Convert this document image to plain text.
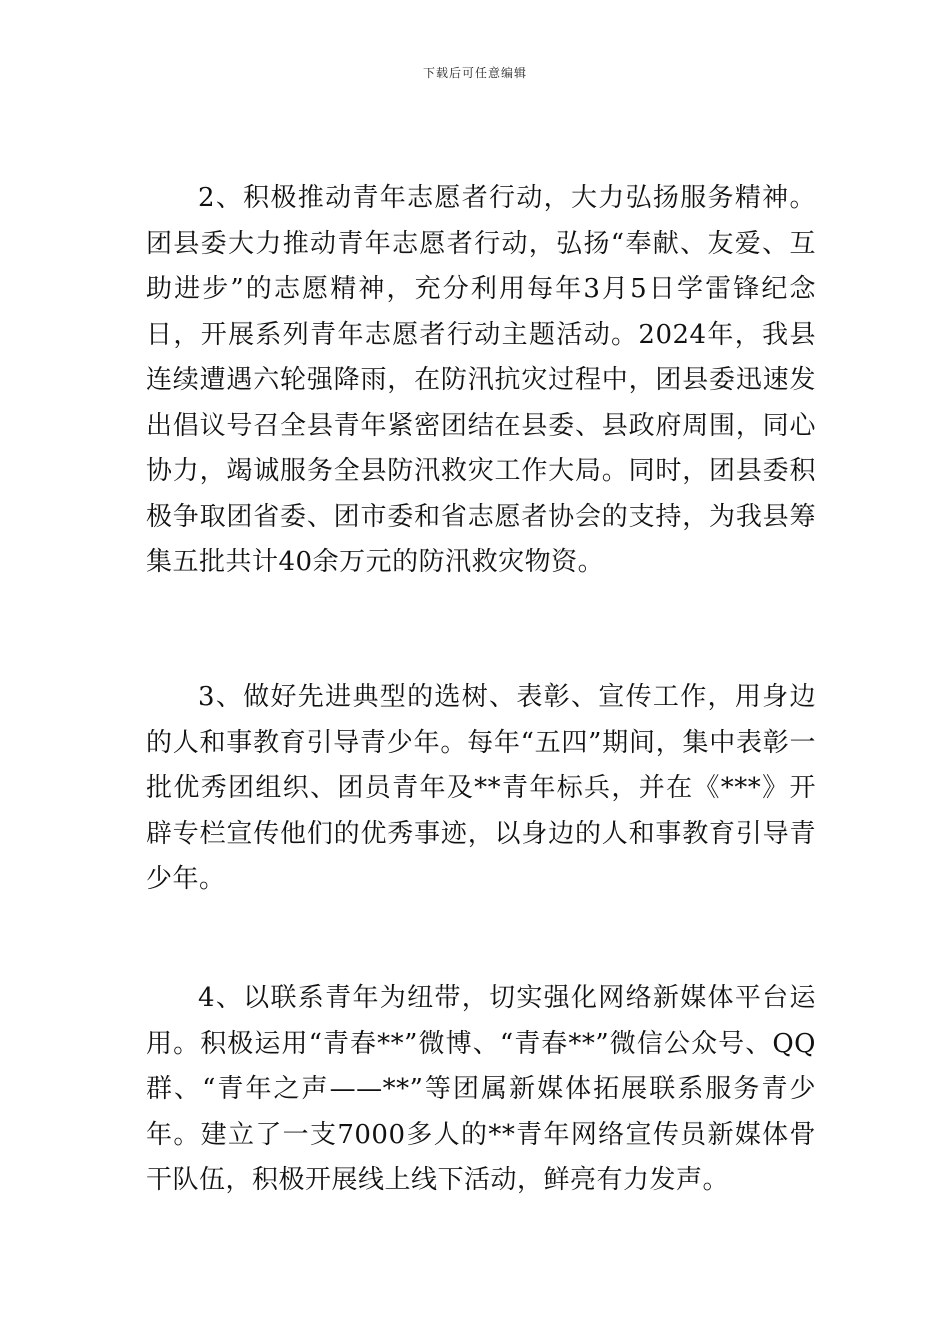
下载后可任意编辑

2、积极推动青年志愿者行动，大力弘扬服务精神。团县委大力推动青年志愿者行动，弘扬“奉献、友爱、互助进步”的志愿精神，充分利用每年3月5日学雷锋纪念日，开展系列青年志愿者行动主题活动。2024年，我县连续遭遇六轮强降雨，在防汛抗灾过程中，团县委迅速发出倡议号召全县青年紧密团结在县委、县政府周围，同心协力，竭诚服务全县防汛救灾工作大局。同时，团县委积极争取团省委、团市委和省志愿者协会的支持，为我县筹集五批共计40余万元的防汛救灾物资。

3、做好先进典型的选树、表彰、宣传工作，用身边的人和事教育引导青少年。每年“五四”期间，集中表彰一批优秀团组织、团员青年及**青年标兵，并在《***》开辟专栏宣传他们的优秀事迹，以身边的人和事教育引导青少年。

4、以联系青年为纽带，切实强化网络新媒体平台运用。积极运用“青春**”微博、“青春**”微信公众号、QQ群、“青年之声——**”等团属新媒体拓展联系服务青少年。建立了一支7000多人的**青年网络宣传员新媒体骨干队伍，积极开展线上线下活动，鲜亮有力发声。
